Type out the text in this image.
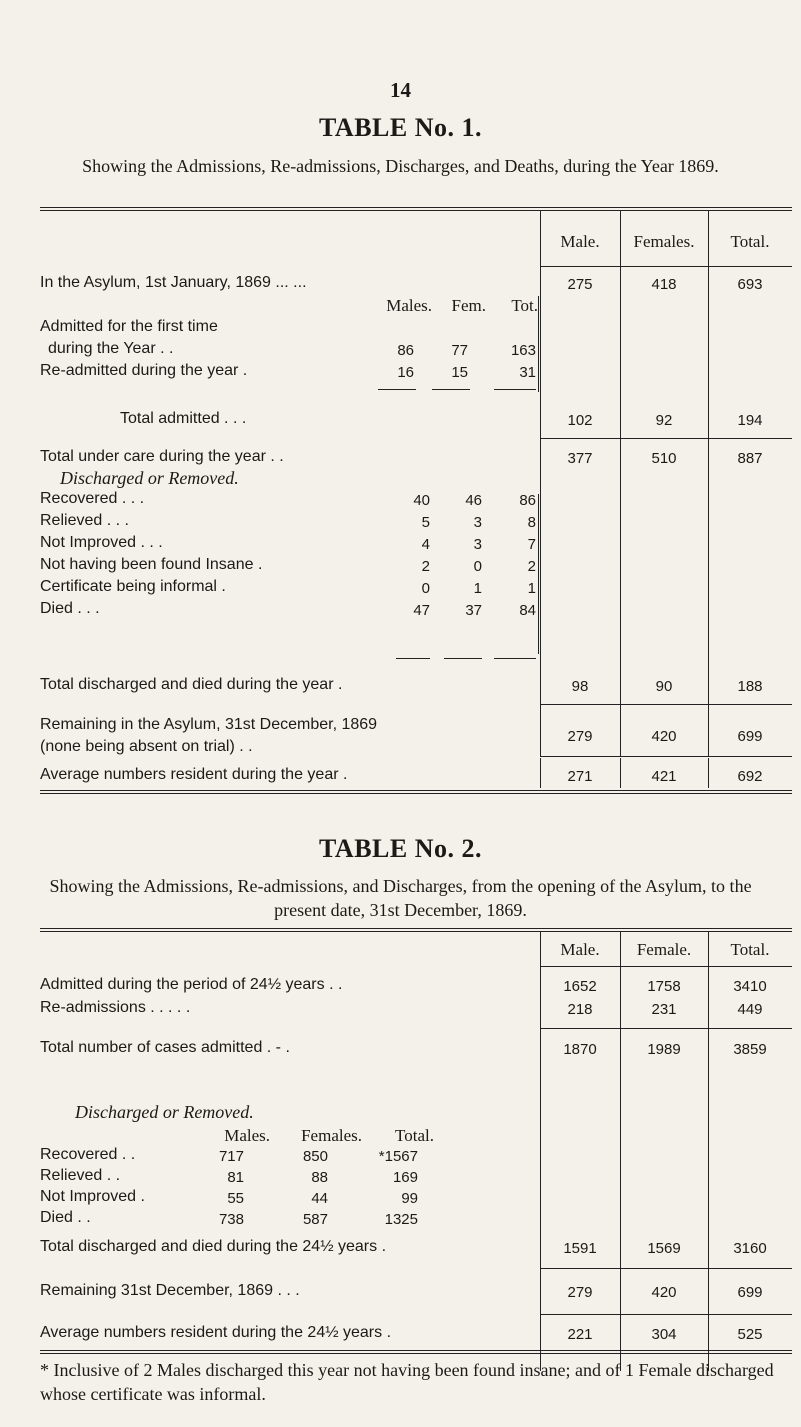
14
TABLE No. 1.
Showing the Admissions, Re-admissions, Discharges, and Deaths, during the Year 1869.
Male.	Females.	Total.
In the Asylum, 1st January, 1869 ... ...	275	418	693
Males.	Fem.	Tot.
Admitted for the first time
during the Year . .	86	77	163
Re-admitted during the year .	16	15	31
Total admitted . . .	102	92	194
Total under care during the year . .	377	510	887
Discharged or Removed.
Recovered . . .	40	46	86
Relieved . . .	5	3	8
Not Improved . . .	4	3	7
Not having been found Insane .	2	0	2
Certificate being informal .	0	1	1
Died . . .	47	37	84
Total discharged and died during the year .	98	90	188
Remaining in the Asylum, 31st December, 1869
(none being absent on trial) . .
279	420	699
Average numbers resident during the year .	271	421	692
TABLE No. 2.
Showing the Admissions, Re-admissions, and Discharges, from the opening of the Asylum, to the present date, 31st December, 1869.
Male.	Female.	Total.
Admitted during the period of 24½ years . .	1652	1758	3410
Re-admissions . . . . .	218	231	449
Total number of cases admitted . - .	1870	1989	3859
Discharged or Removed.
Males.	Females.	Total.
Recovered . .	717	850	*1567
Relieved . .	81	88	169
Not Improved .	55	44	99
Died . .	738	587	1325
Total discharged and died during the 24½ years .	1591	1569	3160
Remaining 31st December, 1869 . . .	279	420	699
Average numbers resident during the 24½ years .	221	304	525
* Inclusive of 2 Males discharged this year not having been found insane; and of 1 Female discharged whose certificate was informal.
